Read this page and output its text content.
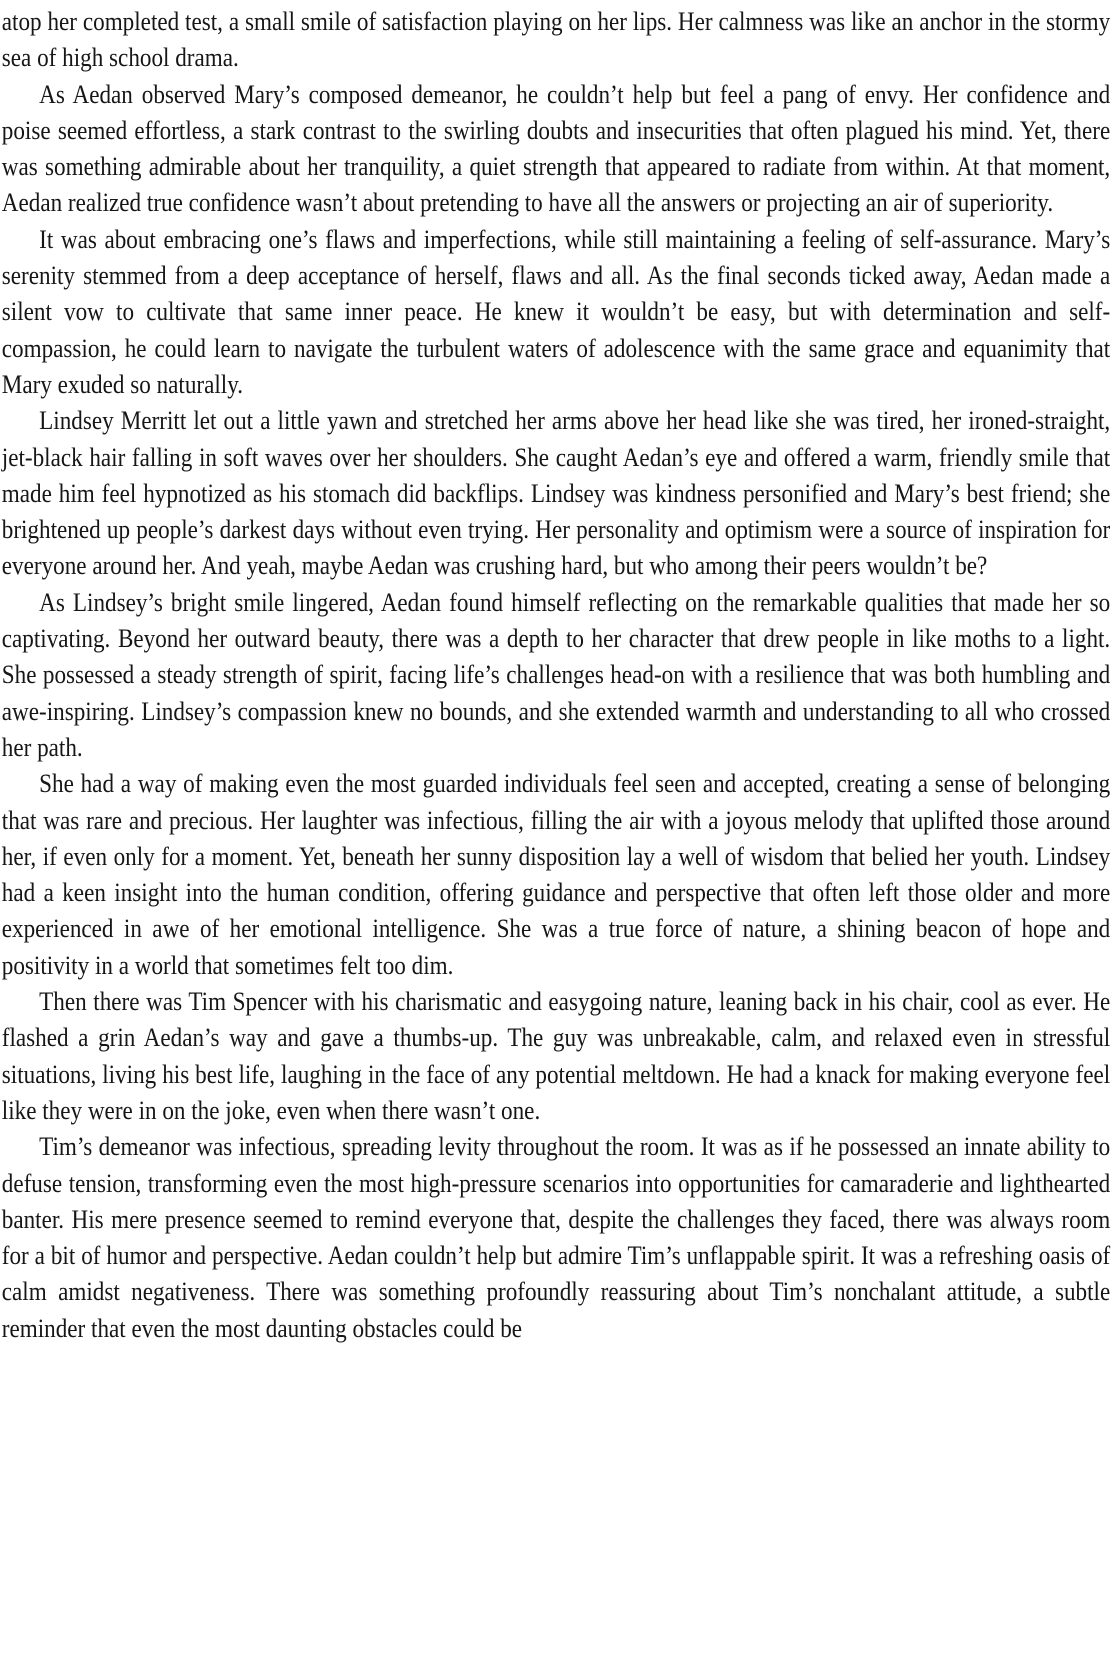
atop her completed test, a small smile of satisfaction playing on her lips. Her calmness was like an anchor in the stormy sea of high school drama.

As Aedan observed Mary’s composed demeanor, he couldn’t help but feel a pang of envy. Her confidence and poise seemed effortless, a stark contrast to the swirling doubts and insecurities that often plagued his mind. Yet, there was something admirable about her tranquility, a quiet strength that appeared to radiate from within. At that moment, Aedan realized true confidence wasn’t about pretending to have all the answers or projecting an air of superiority.

It was about embracing one’s flaws and imperfections, while still maintaining a feeling of self-assurance. Mary’s serenity stemmed from a deep acceptance of herself, flaws and all. As the final seconds ticked away, Aedan made a silent vow to cultivate that same inner peace. He knew it wouldn’t be easy, but with determination and self-compassion, he could learn to navigate the turbulent waters of adolescence with the same grace and equanimity that Mary exuded so naturally.

Lindsey Merritt let out a little yawn and stretched her arms above her head like she was tired, her ironed-straight, jet-black hair falling in soft waves over her shoulders. She caught Aedan’s eye and offered a warm, friendly smile that made him feel hypnotized as his stomach did backflips. Lindsey was kindness personified and Mary’s best friend; she brightened up people’s darkest days without even trying. Her personality and optimism were a source of inspiration for everyone around her. And yeah, maybe Aedan was crushing hard, but who among their peers wouldn’t be?

As Lindsey’s bright smile lingered, Aedan found himself reflecting on the remarkable qualities that made her so captivating. Beyond her outward beauty, there was a depth to her character that drew people in like moths to a light. She possessed a steady strength of spirit, facing life’s challenges head-on with a resilience that was both humbling and awe-inspiring. Lindsey’s compassion knew no bounds, and she extended warmth and understanding to all who crossed her path.

She had a way of making even the most guarded individuals feel seen and accepted, creating a sense of belonging that was rare and precious. Her laughter was infectious, filling the air with a joyous melody that uplifted those around her, if even only for a moment. Yet, beneath her sunny disposition lay a well of wisdom that belied her youth. Lindsey had a keen insight into the human condition, offering guidance and perspective that often left those older and more experienced in awe of her emotional intelligence. She was a true force of nature, a shining beacon of hope and positivity in a world that sometimes felt too dim.

Then there was Tim Spencer with his charismatic and easygoing nature, leaning back in his chair, cool as ever. He flashed a grin Aedan’s way and gave a thumbs-up. The guy was unbreakable, calm, and relaxed even in stressful situations, living his best life, laughing in the face of any potential meltdown. He had a knack for making everyone feel like they were in on the joke, even when there wasn’t one.

Tim’s demeanor was infectious, spreading levity throughout the room. It was as if he possessed an innate ability to defuse tension, transforming even the most high-pressure scenarios into opportunities for camaraderie and lighthearted banter. His mere presence seemed to remind everyone that, despite the challenges they faced, there was always room for a bit of humor and perspective. Aedan couldn’t help but admire Tim’s unflappable spirit. It was a refreshing oasis of calm amidst negativeness. There was something profoundly reassuring about Tim’s nonchalant attitude, a subtle reminder that even the most daunting obstacles could be
